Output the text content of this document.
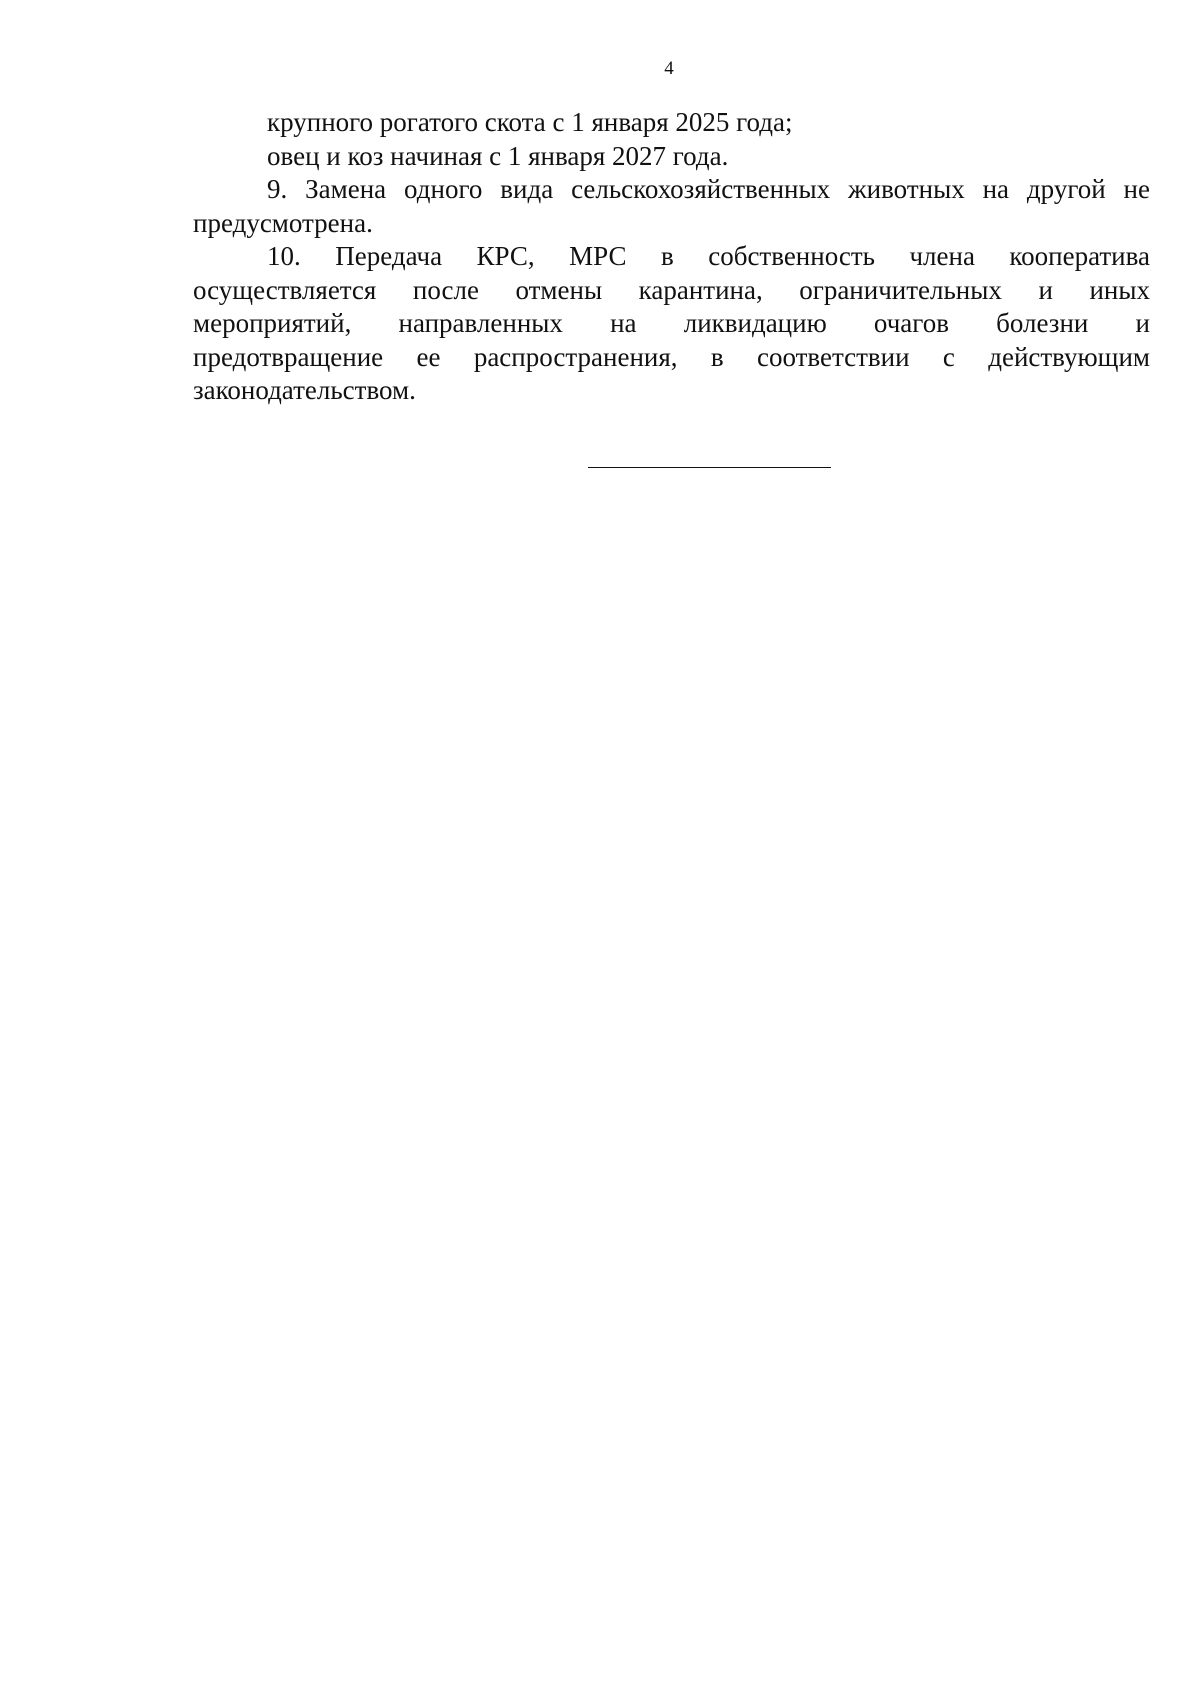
4
крупного рогатого скота с 1 января 2025 года;
овец и коз начиная с 1 января 2027 года.
9. Замена одного вида сельскохозяйственных животных на другой не
предусмотрена.
10. Передача КРС, МРС в собственность члена кооператива
осуществляется после отмены карантина, ограничительных и иных
мероприятий, направленных на ликвидацию очагов болезни и
предотвращение ее распространения, в соответствии с действующим
законодательством.
